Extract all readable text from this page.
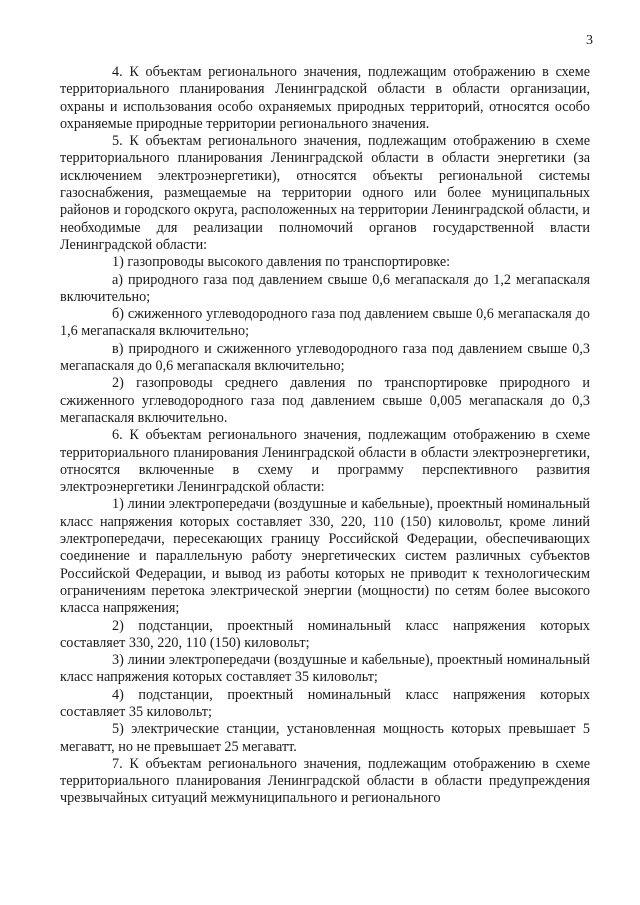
3

4. К объектам регионального значения, подлежащим отображению в схеме территориального планирования Ленинградской области в области организации, охраны и использования особо охраняемых природных территорий, относятся особо охраняемые природные территории регионального значения.

5. К объектам регионального значения, подлежащим отображению в схеме территориального планирования Ленинградской области в области энергетики (за исключением электроэнергетики), относятся объекты региональной системы газоснабжения, размещаемые на территории одного или более муниципальных районов и городского округа, расположенных на территории Ленинградской области, и необходимые для реализации полномочий органов государственной власти Ленинградской области:

1) газопроводы высокого давления по транспортировке:

а) природного газа под давлением свыше 0,6 мегапаскаля до 1,2 мегапаскаля включительно;

б) сжиженного углеводородного газа под давлением свыше 0,6 мегапаскаля до 1,6 мегапаскаля включительно;

в) природного и сжиженного углеводородного газа под давлением свыше 0,3 мегапаскаля до 0,6 мегапаскаля включительно;

2) газопроводы среднего давления по транспортировке природного и сжиженного углеводородного газа под давлением свыше 0,005 мегапаскаля до 0,3 мегапаскаля включительно.

6. К объектам регионального значения, подлежащим отображению в схеме территориального планирования Ленинградской области в области электроэнергетики, относятся включенные в схему и программу перспективного развития электроэнергетики Ленинградской области:

1) линии электропередачи (воздушные и кабельные), проектный номинальный класс напряжения которых составляет 330, 220, 110 (150) киловольт, кроме линий электропередачи, пересекающих границу Российской Федерации, обеспечивающих соединение и параллельную работу энергетических систем различных субъектов Российской Федерации, и вывод из работы которых не приводит к технологическим ограничениям перетока электрической энергии (мощности) по сетям более высокого класса напряжения;

2) подстанции, проектный номинальный класс напряжения которых составляет 330, 220, 110 (150) киловольт;

3) линии электропередачи (воздушные и кабельные), проектный номинальный класс напряжения которых составляет 35 киловольт;

4) подстанции, проектный номинальный класс напряжения которых составляет 35 киловольт;

5) электрические станции, установленная мощность которых превышает 5 мегаватт, но не превышает 25 мегаватт.

7. К объектам регионального значения, подлежащим отображению в схеме территориального планирования Ленинградской области в области предупреждения чрезвычайных ситуаций межмуниципального и регионального
